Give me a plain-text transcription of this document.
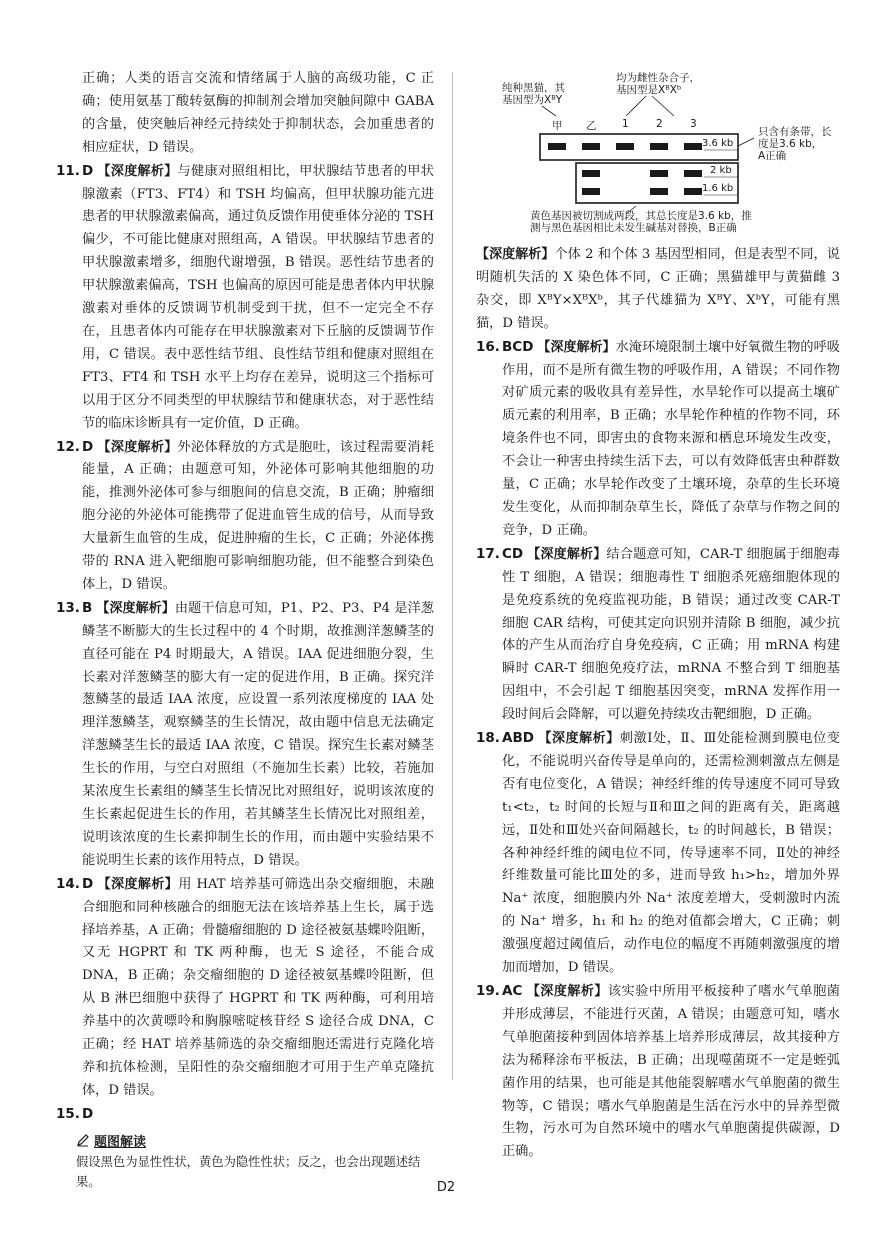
正确；人类的语言交流和情绪属于人脑的高级功能，C 正确；使用氨基丁酸转氨酶的抑制剂会增加突触间隙中 GABA 的含量，使突触后神经元持续处于抑制状态，会加重患者的相应症状，D 错误。

11. D 【深度解析】与健康对照组相比，甲状腺结节患者的甲状腺激素（FT3、FT4）和 TSH 均偏高，但甲状腺功能亢进患者的甲状腺激素偏高，通过负反馈作用使垂体分泌的 TSH 偏少，不可能比健康对照组高，A 错误。甲状腺结节患者的甲状腺激素增多，细胞代谢增强，B 错误。恶性结节患者的甲状腺激素偏高，TSH 也偏高的原因可能是患者体内甲状腺激素对垂体的反馈调节机制受到干扰，但不一定完全不存在，且患者体内可能存在甲状腺激素对下丘脑的反馈调节作用，C 错误。表中恶性结节组、良性结节组和健康对照组在 FT3、FT4 和 TSH 水平上均存在差异，说明这三个指标可以用于区分不同类型的甲状腺结节和健康状态，对于恶性结节的临床诊断具有一定价值，D 正确。

12. D 【深度解析】外泌体释放的方式是胞吐，该过程需要消耗能量，A 正确；由题意可知，外泌体可影响其他细胞的功能，推测外泌体可参与细胞间的信息交流，B 正确；肿瘤细胞分泌的外泌体可能携带了促进血管生成的信号，从而导致大量新生血管的生成，促进肿瘤的生长，C 正确；外泌体携带的 RNA 进入靶细胞可影响细胞功能，但不能整合到染色体上，D 错误。

13. B 【深度解析】由题干信息可知，P1、P2、P3、P4 是洋葱鳞茎不断膨大的生长过程中的 4 个时期，故推测洋葱鳞茎的直径可能在 P4 时期最大，A 错误。IAA 促进细胞分裂，生长素对洋葱鳞茎的膨大有一定的促进作用，B 正确。探究洋葱鳞茎的最适 IAA 浓度，应设置一系列浓度梯度的 IAA 处理洋葱鳞茎，观察鳞茎的生长情况，故由题中信息无法确定洋葱鳞茎生长的最适 IAA 浓度，C 错误。探究生长素对鳞茎生长的作用，与空白对照组（不施加生长素）比较，若施加某浓度生长素组的鳞茎生长情况比对照组好，说明该浓度的生长素起促进生长的作用，若其鳞茎生长情况比对照组差，说明该浓度的生长素抑制生长的作用，而由题中实验结果不能说明生长素的该作用特点，D 错误。

14. D 【深度解析】用 HAT 培养基可筛选出杂交瘤细胞，未融合细胞和同种核融合的细胞无法在该培养基上生长，属于选择培养基，A 正确；骨髓瘤细胞的 D 途径被氨基蝶呤阻断，又无 HGPRT 和 TK 两种酶，也无 S 途径，不能合成 DNA，B 正确；杂交瘤细胞的 D 途径被氨基蝶呤阻断，但从 B 淋巴细胞中获得了 HGPRT 和 TK 两种酶，可利用培养基中的次黄嘌呤和胸腺嘧啶核苷经 S 途径合成 DNA，C 正确；经 HAT 培养基筛选的杂交瘤细胞还需进行克隆化培养和抗体检测，呈阳性的杂交瘤细胞才可用于生产单克隆抗体，D 错误。

15. D

题图解读

假设黑色为显性性状，黄色为隐性性状；反之，也会出现题述结果。

纯种黑猫，其
基因型为XᴮY
均为雌性杂合子，
基因型是XᴮXᵇ
甲 乙 1	2	3
3.6 kb
2 kb
1.6 kb
只含有条带，长
度是3.6 kb，
A正确
黄色基因被切割成两段，其总长度是3.6 kb，推
测与黑色基因相比未发生碱基对替换，B正确

【深度解析】个体 2 和个体 3 基因型相同，但是表型不同，说明随机失活的 X 染色体不同，C 正确；黑猫雄甲与黄猫雌 3 杂交，即 XᴮY×XᴮXᵇ，其子代雄猫为 XᴮY、XᵇY，可能有黑猫，D 错误。

16. BCD 【深度解析】水淹环境限制土壤中好氧微生物的呼吸作用，而不是所有微生物的呼吸作用，A 错误；不同作物对矿质元素的吸收具有差异性，水旱轮作可以提高土壤矿质元素的利用率，B 正确；水旱轮作种植的作物不同，环境条件也不同，即害虫的食物来源和栖息环境发生改变，不会让一种害虫持续生活下去，可以有效降低害虫种群数量，C 正确；水旱轮作改变了土壤环境，杂草的生长环境发生变化，从而抑制杂草生长，降低了杂草与作物之间的竞争，D 正确。

17. CD 【深度解析】结合题意可知，CAR-T 细胞属于细胞毒性 T 细胞，A 错误；细胞毒性 T 细胞杀死癌细胞体现的是免疫系统的免疫监视功能，B 错误；通过改变 CAR-T 细胞 CAR 结构，可使其定向识别并清除 B 细胞，减少抗体的产生从而治疗自身免疫病，C 正确；用 mRNA 构建瞬时 CAR-T 细胞免疫疗法，mRNA 不整合到 T 细胞基因组中，不会引起 T 细胞基因突变，mRNA 发挥作用一段时间后会降解，可以避免持续攻击靶细胞，D 正确。

18. ABD 【深度解析】刺激Ⅰ处，Ⅱ、Ⅲ处能检测到膜电位变化，不能说明兴奋传导是单向的，还需检测刺激点左侧是否有电位变化，A 错误；神经纤维的传导速度不同可导致 t₁<t₂，t₂ 时间的长短与Ⅱ和Ⅲ之间的距离有关，距离越远，Ⅱ处和Ⅲ处兴奋间隔越长，t₂ 的时间越长，B 错误；各种神经纤维的阈电位不同，传导速率不同，Ⅱ处的神经纤维数量可能比Ⅲ处的多，进而导致 h₁>h₂，增加外界 Na⁺ 浓度，细胞膜内外 Na⁺ 浓度差增大，受刺激时内流的 Na⁺ 增多，h₁ 和 h₂ 的绝对值都会增大，C 正确；刺激强度超过阈值后，动作电位的幅度不再随刺激强度的增加而增加，D 错误。

19. AC 【深度解析】该实验中所用平板接种了嗜水气单胞菌并形成薄层，不能进行灭菌，A 错误；由题意可知，嗜水气单胞菌接种到固体培养基上培养形成薄层，故其接种方法为稀释涂布平板法，B 正确；出现噬菌斑不一定是蛭弧菌作用的结果，也可能是其他能裂解嗜水气单胞菌的微生物等，C 错误；嗜水气单胞菌是生活在污水中的异养型微生物，污水可为自然环境中的嗜水气单胞菌提供碳源，D 正确。

D2
